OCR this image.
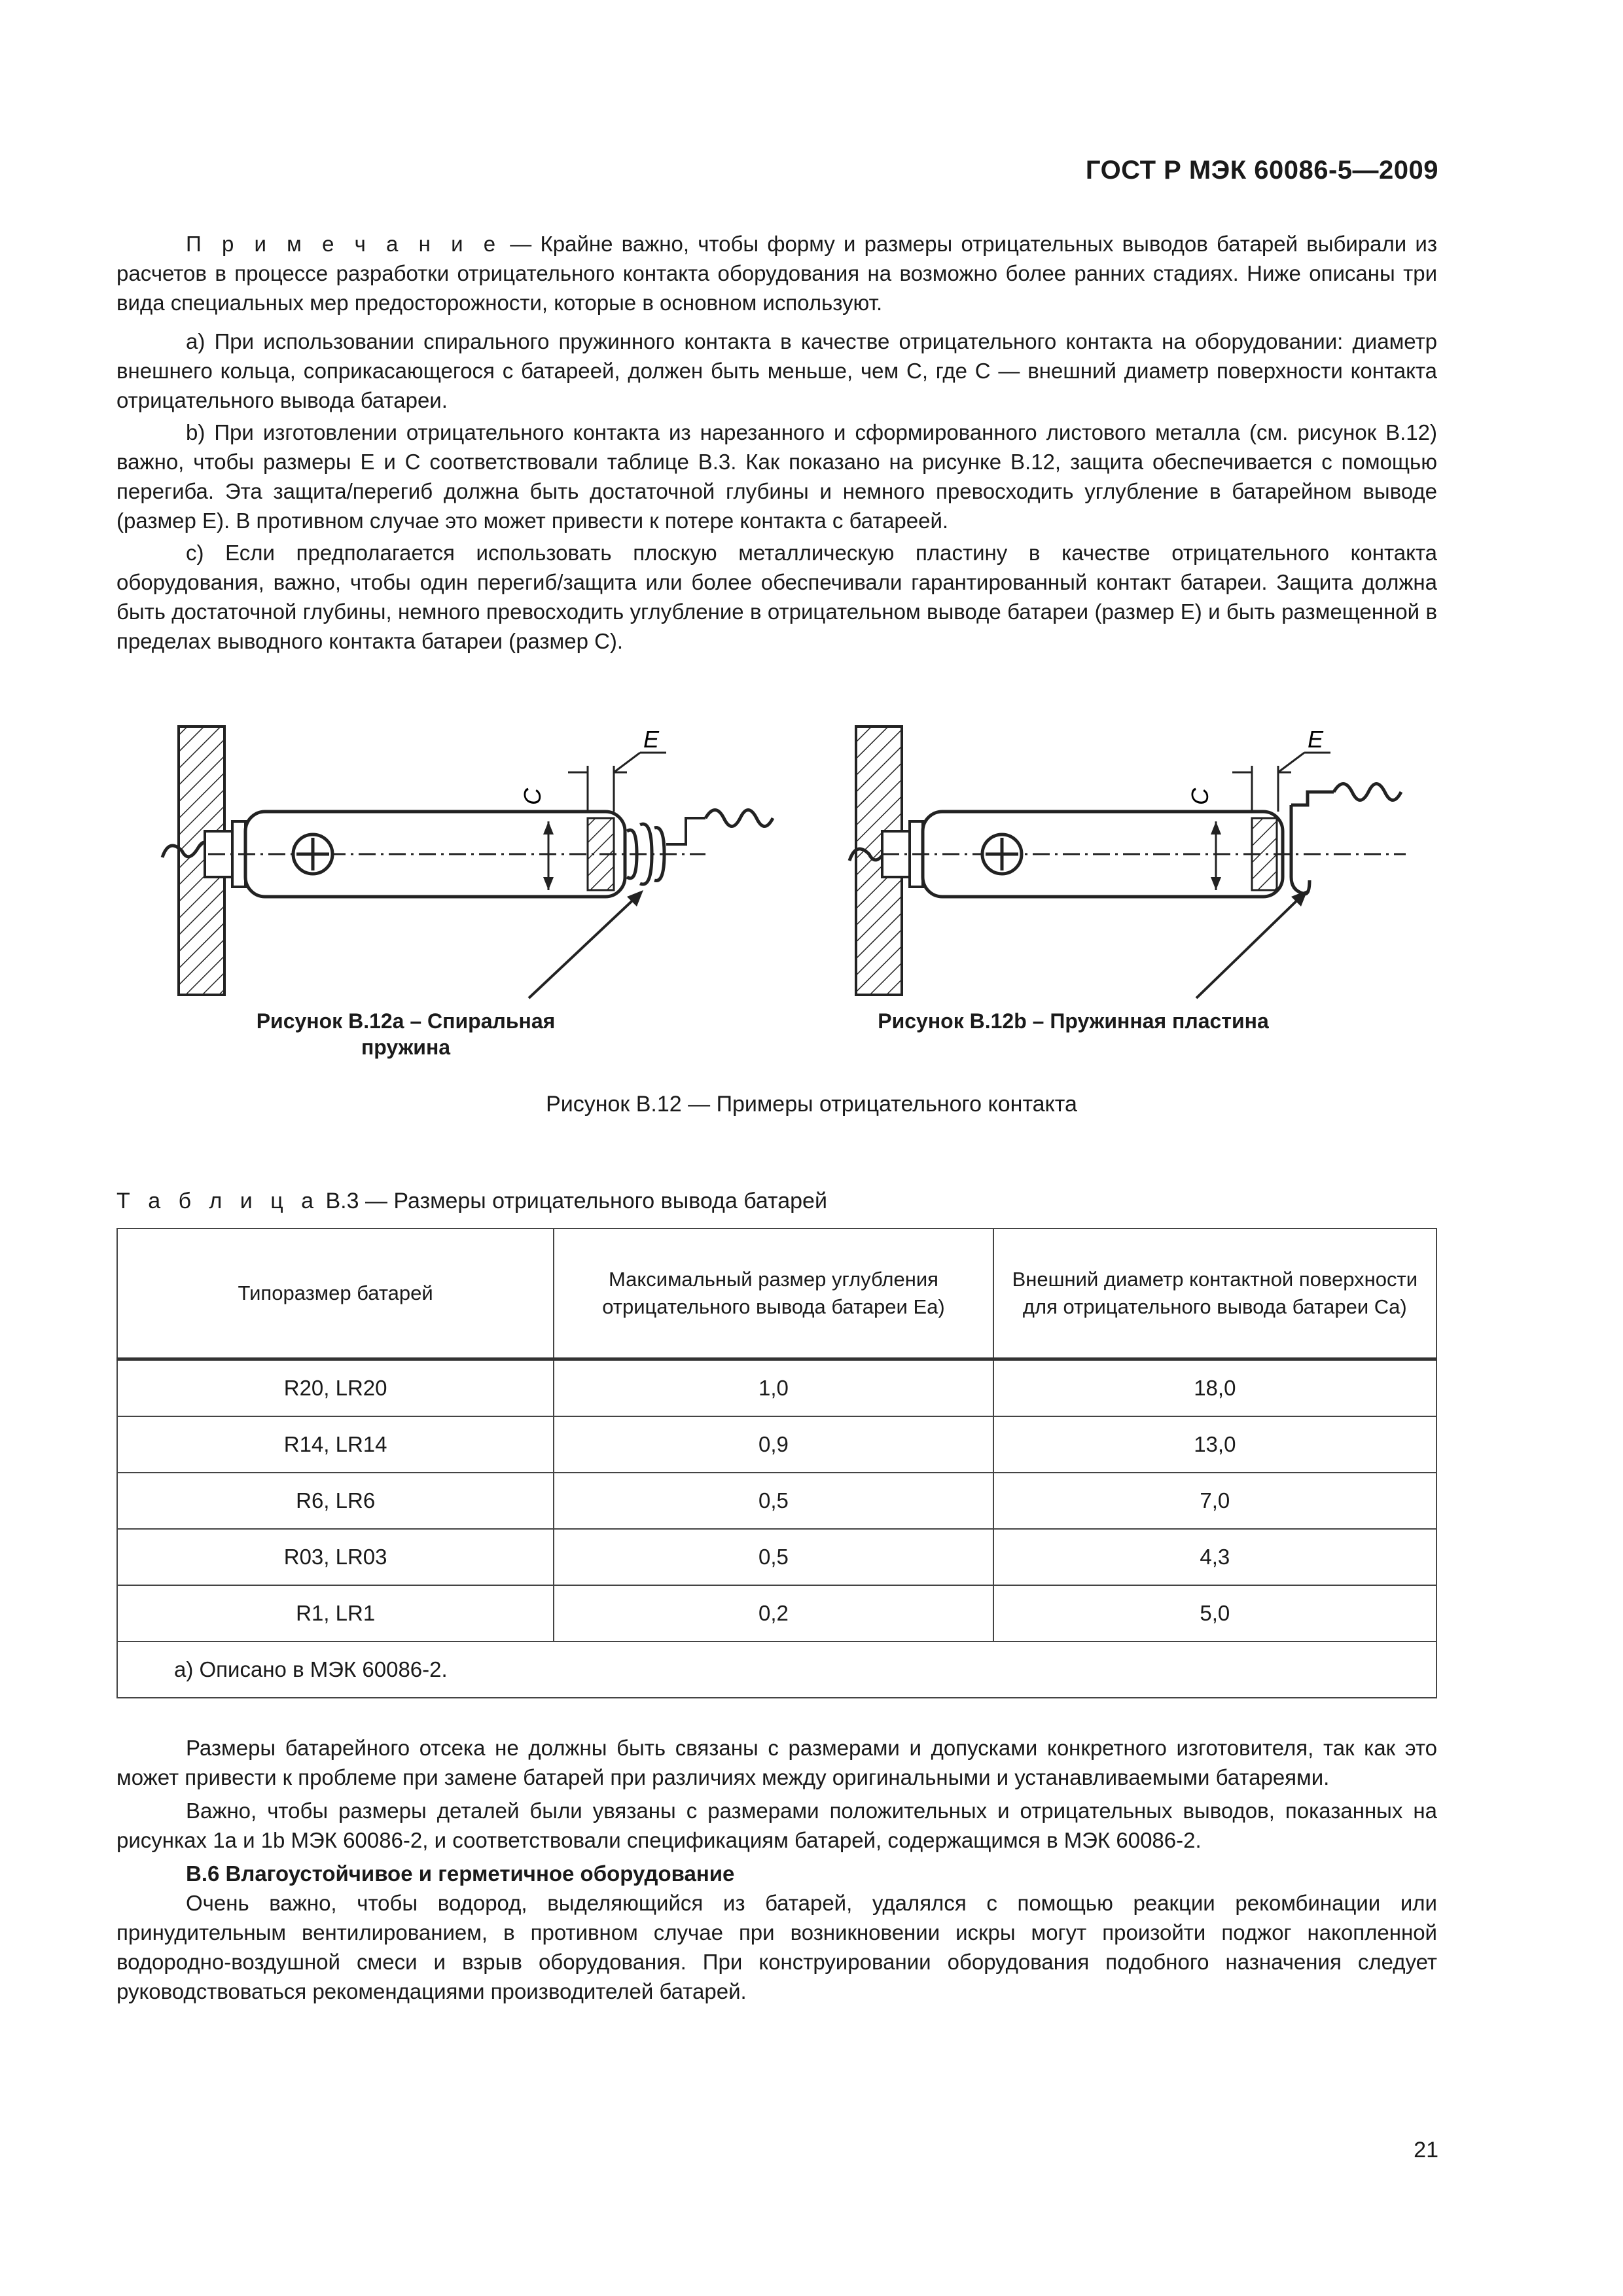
ГОСТ Р МЭК 60086-5—2009

П р и м е ч а н и е — Крайне важно, чтобы форму и размеры отрицательных выводов батарей выбирали из расчетов в процессе разработки отрицательного контакта оборудования на возможно более ранних стадиях. Ниже описаны три вида специальных мер предосторожности, которые в основном используют.

a) При использовании спирального пружинного контакта в качестве отрицательного контакта на оборудовании: диаметр внешнего кольца, соприкасающегося с батареей, должен быть меньше, чем C, где C — внешний диаметр поверхности контакта отрицательного вывода батареи.

b) При изготовлении отрицательного контакта из нарезанного и сформированного листового металла (см. рисунок В.12) важно, чтобы размеры E и C соответствовали таблице В.3. Как показано на рисунке В.12, защита обеспечивается с помощью перегиба. Эта защита/перегиб должна быть достаточной глубины и немного превосходить углубление в батарейном выводе (размер E). В противном случае это может привести к потере контакта с батареей.

c) Если предполагается использовать плоскую металлическую пластину в качестве отрицательного контакта оборудования, важно, чтобы один перегиб/защита или более обеспечивали гарантированный контакт батареи. Защита должна быть достаточной глубины, немного превосходить углубление в отрицательном выводе батареи (размер E) и быть размещенной в пределах выводного контакта батареи (размер C).

C
E
C
E
Рисунок В.12а – Спиральная пружина
Рисунок В.12b – Пружинная пластина
Рисунок В.12 — Примеры отрицательного контакта
Т а б л и ц а В.3 — Размеры отрицательного вывода батарей
Типоразмер батарей	Максимальный размер углубления отрицательного вывода батареи Eа)	Внешний диаметр контактной поверхности для отрицательного вывода батареи Cа)
R20, LR20	1,0	18,0
R14, LR14	0,9	13,0
R6, LR6	0,5	7,0
R03, LR03	0,5	4,3
R1, LR1	0,2	5,0
а) Описано в МЭК 60086-2.		

Размеры батарейного отсека не должны быть связаны с размерами и допусками конкретного изготовителя, так как это может привести к проблеме при замене батарей при различиях между оригинальными и устанавливаемыми батареями.

Важно, чтобы размеры деталей были увязаны с размерами положительных и отрицательных выводов, показанных на рисунках 1a и 1b МЭК 60086-2, и соответствовали спецификациям батарей, содержащимся в МЭК 60086-2.

В.6 Влагоустойчивое и герметичное оборудование

Очень важно, чтобы водород, выделяющийся из батарей, удалялся с помощью реакции рекомбинации или принудительным вентилированием, в противном случае при возникновении искры могут произойти поджог накопленной водородно-воздушной смеси и взрыв оборудования. При конструировании оборудования подобного назначения следует руководствоваться рекомендациями производителей батарей.

21
